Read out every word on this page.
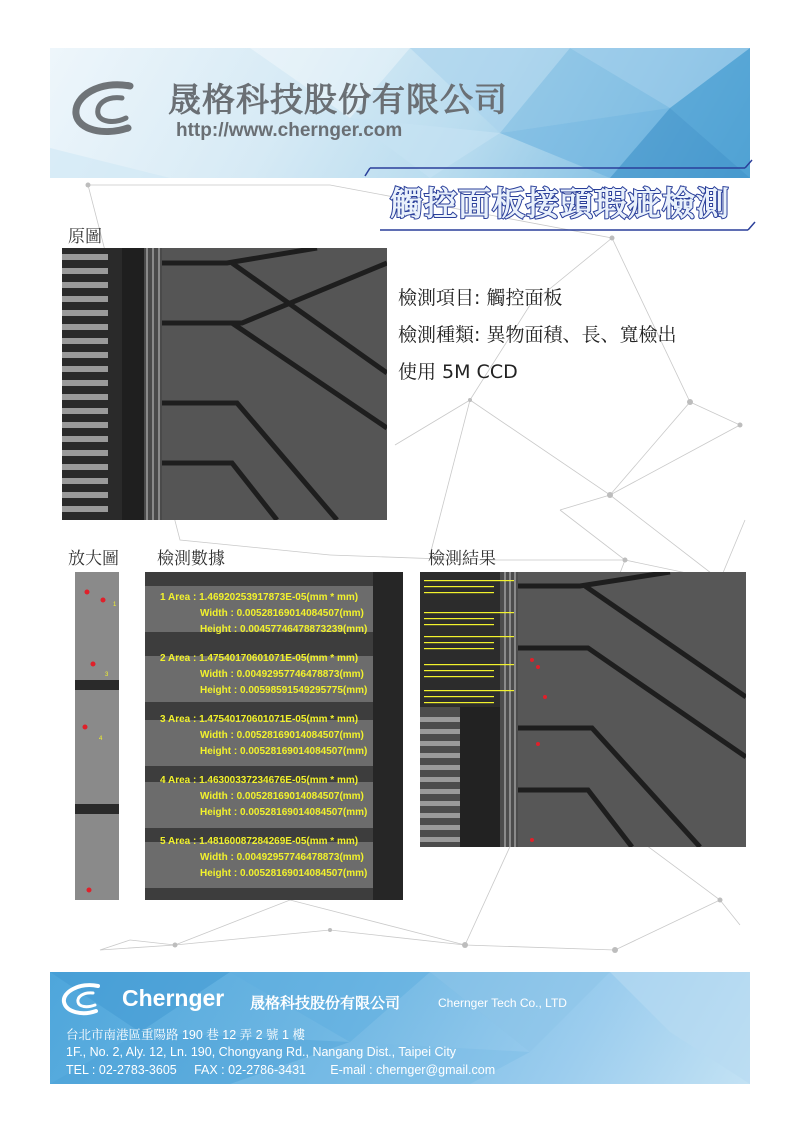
晟格科技股份有限公司
http://www.chernger.com
觸控面板接頭瑕疵檢測
原圖
放大圖 檢測數據	檢測結果
檢測項目: 觸控面板
檢測種類: 異物面積、長、寬檢出
使用 5M CCD
3
4
1
1 Area : 1.46920253917873E-05(mm * mm)
Width : 0.00528169014084507(mm)
Height : 0.00457746478873239(mm)
2 Area : 1.47540170601071E-05(mm * mm)
Width : 0.00492957746478873(mm)
Height : 0.00598591549295775(mm)
3 Area : 1.47540170601071E-05(mm * mm)
Width : 0.00528169014084507(mm)
Height : 0.00528169014084507(mm)
4 Area : 1.46300337234676E-05(mm * mm)
Width : 0.00528169014084507(mm)
Height : 0.00528169014084507(mm)
5 Area : 1.48160087284269E-05(mm * mm)
Width : 0.00492957746478873(mm)
Height : 0.00528169014084507(mm)
Chernger 晟格科技股份有限公司	Chernger Tech Co., LTD
台北市南港區重陽路 190 巷 12 弄 2 號 1 樓
1F., No. 2, Aly. 12, Ln. 190, Chongyang Rd., Nangang Dist., Taipei City
TEL : 02-2783-3605     FAX : 02-2786-3431       E-mail : chernger@gmail.com
